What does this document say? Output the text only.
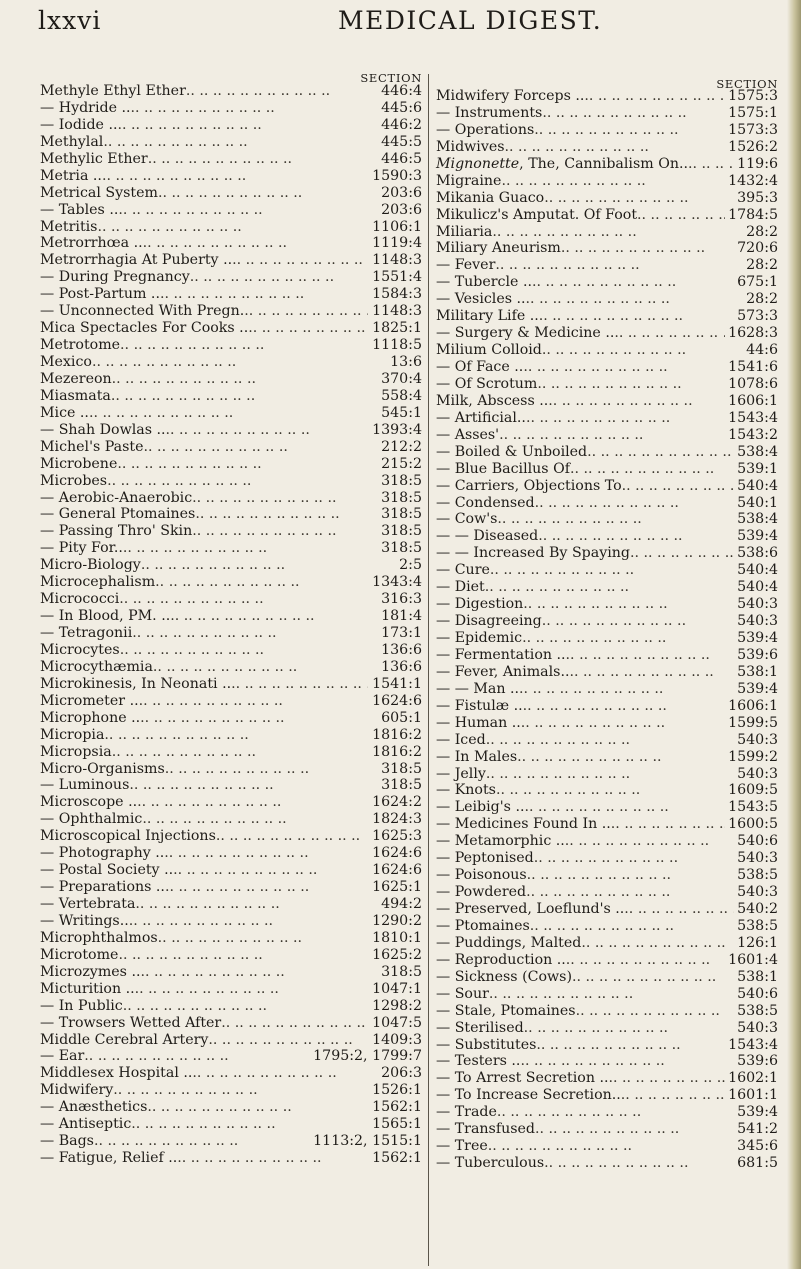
lxxvi	MEDICAL DIGEST.
SECTION
Methyle Ethyl Ether .. .	446:4
— Hydride .. .. .	445:6
— Iodide .. .. .	446:2
Methylal .. .	445:5
Methylic Ether .. .	446:5
Metria .. .. .	1590:3
Metrical System .. .	203:6
— Tables .. .. .	203:6
Metritis .. .	1106:1
Metrorrhœa .. .. .	1119:4
Metrorrhagia At Puberty .. .. .	1148:3
— During Pregnancy .. .	1551:4
— Post-Partum .. .. .	1584:3
— Unconnected With Pregn. .. .	1148:3
Mica Spectacles For Cooks .. .. .	1825:1
Metrotome .. .	1118:5
Mexico .. .	13:6
Mezereon .. .	370:4
Miasmata .. .	558:4
Mice .. .. .	545:1
— Shah Dowlas .. .. .	1393:4
Michel's Paste .. .	212:2
Microbene .. .	215:2
Microbes .. .	318:5
— Aerobic-Anaerobic .. .	318:5
— General Ptomaines .. .	318:5
— Passing Thro' Skin .. .	318:5
— Pity For.. .. .	318:5
Micro-Biology .. .	2:5
Microcephalism .. .	1343:4
Micrococci .. .	316:3
— In Blood, PM. .. .. .	181:4
— Tetragonii .. .	173:1
Microcytes .. .	136:6
Microcythæmia .. .	136:6
Microkinesis, In Neonati .. .. .	1541:1
Micrometer .. .. .	1624:6
Microphone .. .. .	605:1
Micropia .. .	1816:2
Micropsia .. .	1816:2
Micro-Organisms .. .	318:5
— Luminous .. .	318:5
Microscope .. .. .	1624:2
— Ophthalmic .. .	1824:3
Microscopical Injections .. .	1625:3
— Photography .. .. .	1624:6
— Postal Society .. .. .	1624:6
— Preparations .. .. .	1625:1
— Vertebrata .. .	494:2
— Writings.. .. .	1290:2
Microphthalmos .. .	1810:1
Microtome .. .	1625:2
Microzymes .. .. .	318:5
Micturition .. .. .	1047:1
— In Public .. .	1298:2
— Trowsers Wetted After .. .	1047:5
Middle Cerebral Artery .. .	1409:3
— Ear .. .	1795:2, 1799:7
Middlesex Hospital .. .. .	206:3
Midwifery .. .	1526:1
— Anæsthetics .. .	1562:1
— Antiseptic .. .	1565:1
— Bags .. .	1113:2, 1515:1
— Fatigue, Relief .. .. .	1562:1
SECTION
Midwifery Forceps .. .. .	1575:3
— Instruments .. .	1575:1
— Operations .. .	1573:3
Midwives .. .	1526:2
Mignonette, The, Cannibalism On.. .. .	119:6
Migraine .. .	1432:4
Mikania Guaco .. .	395:3
Mikulicz's Amputat. Of Foot .. .	1784:5
Miliaria .. .	28:2
Miliary Aneurism .. .	720:6
— Fever .. .	28:2
— Tubercle .. .. .	675:1
— Vesicles .. .. .	28:2
Military Life .. .. .	573:3
— Surgery & Medicine .. .. .	1628:3
Milium Colloid .. .	44:6
— Of Face .. .. .	1541:6
— Of Scrotum .. .	1078:6
Milk, Abscess .. .. .	1606:1
— Artificial.. .. .	1543:4
— Asses' .. .	1543:2
— Boiled & Unboiled .. .	538:4
— Blue Bacillus Of .. .	539:1
— Carriers, Objections To .. .	540:4
— Condensed .. .	540:1
— Cow's .. .	538:4
— — Diseased .. .	539:4
— — Increased By Spaying .. .	538:6
— Cure .. .	540:4
— Diet .. .	540:4
— Digestion .. .	540:3
— Disagreeing .. .	540:3
— Epidemic .. .	539:4
— Fermentation .. .. .	539:6
— Fever, Animals.. .. .	538:1
— — Man .. .. .	539:4
— Fistulæ .. .. .	1606:1
— Human .. .. .	1599:5
— Iced .. .	540:3
— In Males .. .	1599:2
— Jelly .. .	540:3
— Knots .. .	1609:5
— Leibig's .. .. .	1543:5
— Medicines Found In .. .. .	1600:5
— Metamorphic .. .. .	540:6
— Peptonised .. .	540:3
— Poisonous .. .	538:5
— Powdered .. .	540:3
— Preserved, Loeflund's .. .. .	540:2
— Ptomaines .. .	538:5
— Puddings, Malted .. .	126:1
— Reproduction .. .. .	1601:4
— Sickness (Cows) .. .	538:1
— Sour .. .	540:6
— Stale, Ptomaines .. .	538:5
— Sterilised .. .	540:3
— Substitutes .. .	1543:4
— Testers .. .. .	539:6
— To Arrest Secretion .. .. .	1602:1
— To Increase Secretion.. .. .	1601:1
— Trade .. .	539:4
— Transfused .. .	541:2
— Tree .. .	345:6
— Tuberculous .. .	681:5
